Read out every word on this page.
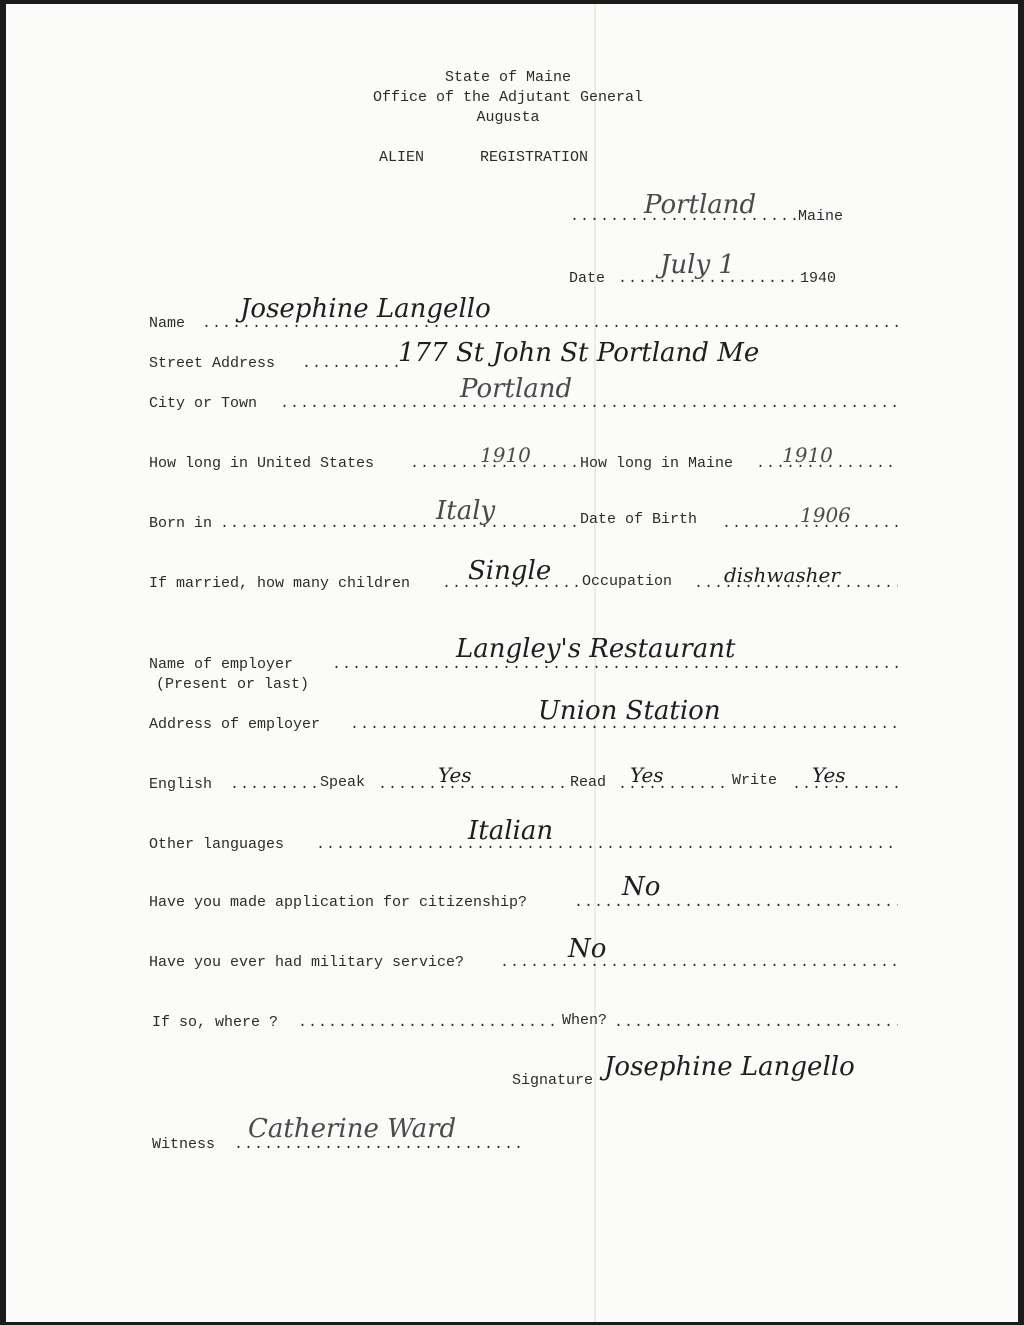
State of Maine
Office of the Adjutant General
Augusta
ALIEN	REGISTRATION
.....
Portland	Maine
Date ..... July 1	1940
Name ..... Josephine Langello
Street Address .....	177 St John St Portland Me
City or Town .....	Portland
How long in United States .....	1910	How long in Maine ..... 1910
Born in .....	Italy	Date of Birth .....	1906
If married, how many children ..... Single Occupation .....	dishwasher
Name of employer
(Present or last)
.....
Langley's Restaurant
Address of employer .....	Union Station
English .....	Speak .....	Yes	Read ..... Yes	Write ..... Yes
Other languages .....	Italian
Have you made application for citizenship?
.....
No
Have you ever had military service? .....	No
If so, where ? .....	When?
.....
Signature Josephine Langello
Witness
.....
Catherine Ward
